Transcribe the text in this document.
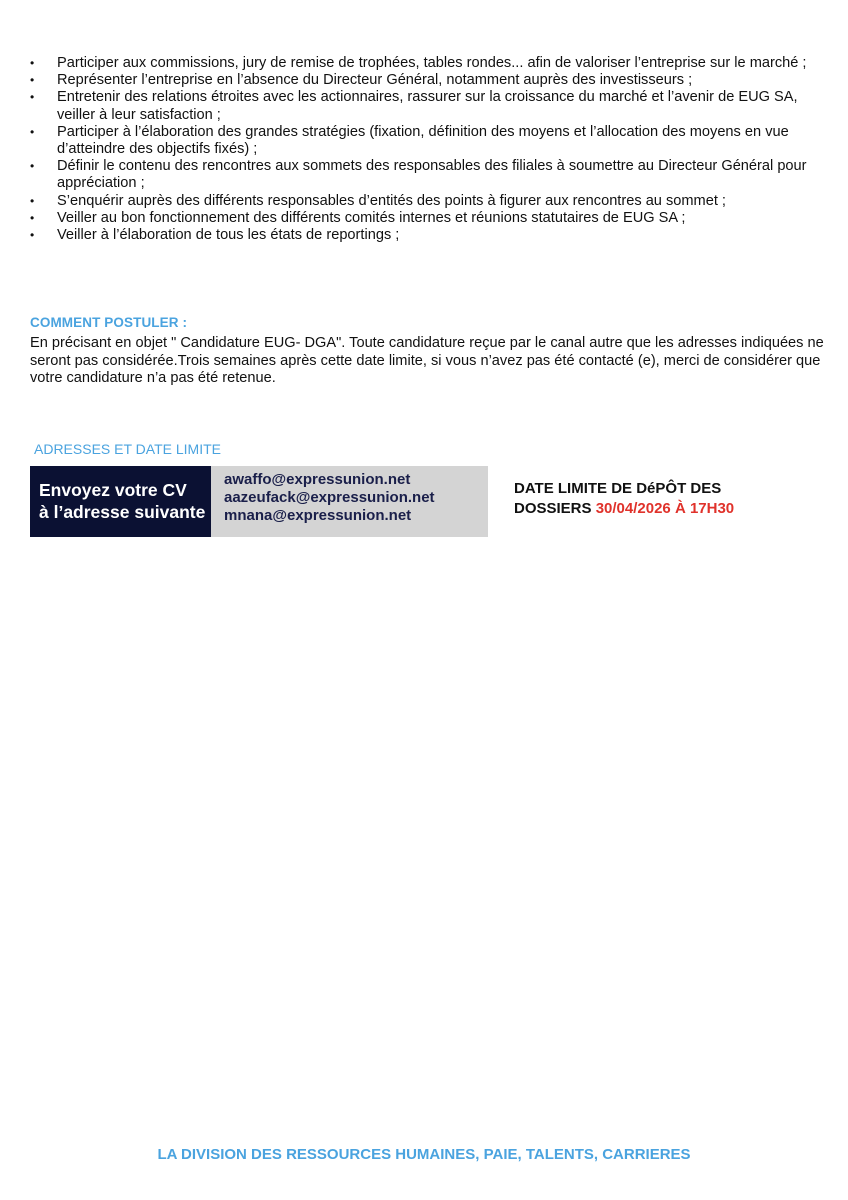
• Participer aux commissions, jury de remise de trophées, tables rondes... afin de valoriser l’entreprise sur le marché ;
• Représenter l’entreprise en l’absence du Directeur Général, notamment auprès des investisseurs ;
• Entretenir des relations étroites avec les actionnaires, rassurer sur la croissance du marché et l’avenir de EUG SA, veiller à leur satisfaction ;
• Participer à l’élaboration des grandes stratégies (fixation, définition des moyens et l’allocation des moyens en vue d’atteindre des objectifs fixés) ;
• Définir le contenu des rencontres aux sommets des responsables des filiales à soumettre au Directeur Général pour appréciation ;
• S’enquérir auprès des différents responsables d’entités des points à figurer aux rencontres au sommet ;
• Veiller au bon fonctionnement des différents comités internes et réunions statutaires de EUG SA ;
• Veiller à l’élaboration de tous les états de reportings ;
COMMENT POSTULER :

En précisant en objet " Candidature EUG- DGA". Toute candidature reçue par le canal autre que les adresses indiquées ne seront pas considérée.Trois semaines après cette date limite, si vous n’avez pas été contacté (e), merci de considérer que votre candidature n’a pas été retenue.

ADRESSES ET DATE LIMITE
Envoyez votre CV
à l’adresse suivante
awaffo@expressunion.net
aazeufack@expressunion.net
mnana@expressunion.net
DATE LIMITE DE DéPÔT DES
DOSSIERS 30/04/2026 À 17H30
LA DIVISION DES RESSOURCES HUMAINES, PAIE, TALENTS, CARRIERES
